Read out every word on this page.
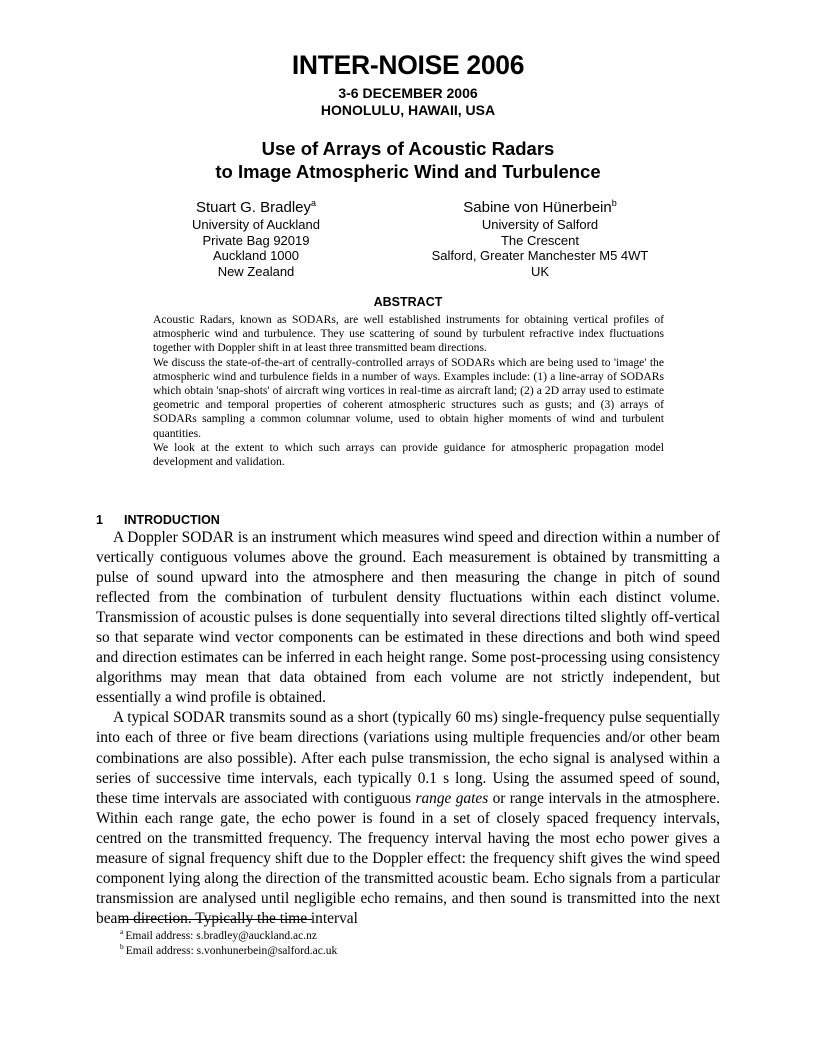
INTER-NOISE 2006
3-6 DECEMBER 2006
HONOLULU, HAWAII, USA
Use of Arrays of Acoustic Radars
to Image Atmospheric Wind and Turbulence
Stuart G. Bradley$^a$
University of Auckland
Private Bag 92019
Auckland 1000
New Zealand
Sabine von Hünerbein$^b$
University of Salford
The Crescent
Salford, Greater Manchester M5 4WT
UK
ABSTRACT

Acoustic Radars, known as SODARs, are well established instruments for obtaining vertical profiles of atmospheric wind and turbulence. They use scattering of sound by turbulent refractive index fluctuations together with Doppler shift in at least three transmitted beam directions.

We discuss the state-of-the-art of centrally-controlled arrays of SODARs which are being used to 'image' the atmospheric wind and turbulence fields in a number of ways. Examples include: (1) a line-array of SODARs which obtain 'snap-shots' of aircraft wing vortices in real-time as aircraft land; (2) a 2D array used to estimate geometric and temporal properties of coherent atmospheric structures such as gusts; and (3) arrays of SODARs sampling a common columnar volume, used to obtain higher moments of wind and turbulent quantities.

We look at the extent to which such arrays can provide guidance for atmospheric propagation model development and validation.

1 INTRODUCTION

A Doppler SODAR is an instrument which measures wind speed and direction within a number of vertically contiguous volumes above the ground. Each measurement is obtained by transmitting a pulse of sound upward into the atmosphere and then measuring the change in pitch of sound reflected from the combination of turbulent density fluctuations within each distinct volume. Transmission of acoustic pulses is done sequentially into several directions tilted slightly off-vertical so that separate wind vector components can be estimated in these directions and both wind speed and direction estimates can be inferred in each height range. Some post-processing using consistency algorithms may mean that data obtained from each volume are not strictly independent, but essentially a wind profile is obtained.

A typical SODAR transmits sound as a short (typically 60 ms) single-frequency pulse sequentially into each of three or five beam directions (variations using multiple frequencies and/or other beam combinations are also possible). After each pulse transmission, the echo signal is analysed within a series of successive time intervals, each typically 0.1 s long. Using the assumed speed of sound, these time intervals are associated with contiguous range gates or range intervals in the atmosphere. Within each range gate, the echo power is found in a set of closely spaced frequency intervals, centred on the transmitted frequency. The frequency interval having the most echo power gives a measure of signal frequency shift due to the Doppler effect: the frequency shift gives the wind speed component lying along the direction of the transmitted acoustic beam. Echo signals from a particular transmission are analysed until negligible echo remains, and then sound is transmitted into the next beam direction. Typically the time interval

$^a$ Email address: s.bradley@auckland.ac.nz
$^b$ Email address: s.vonhunerbein@salford.ac.uk
